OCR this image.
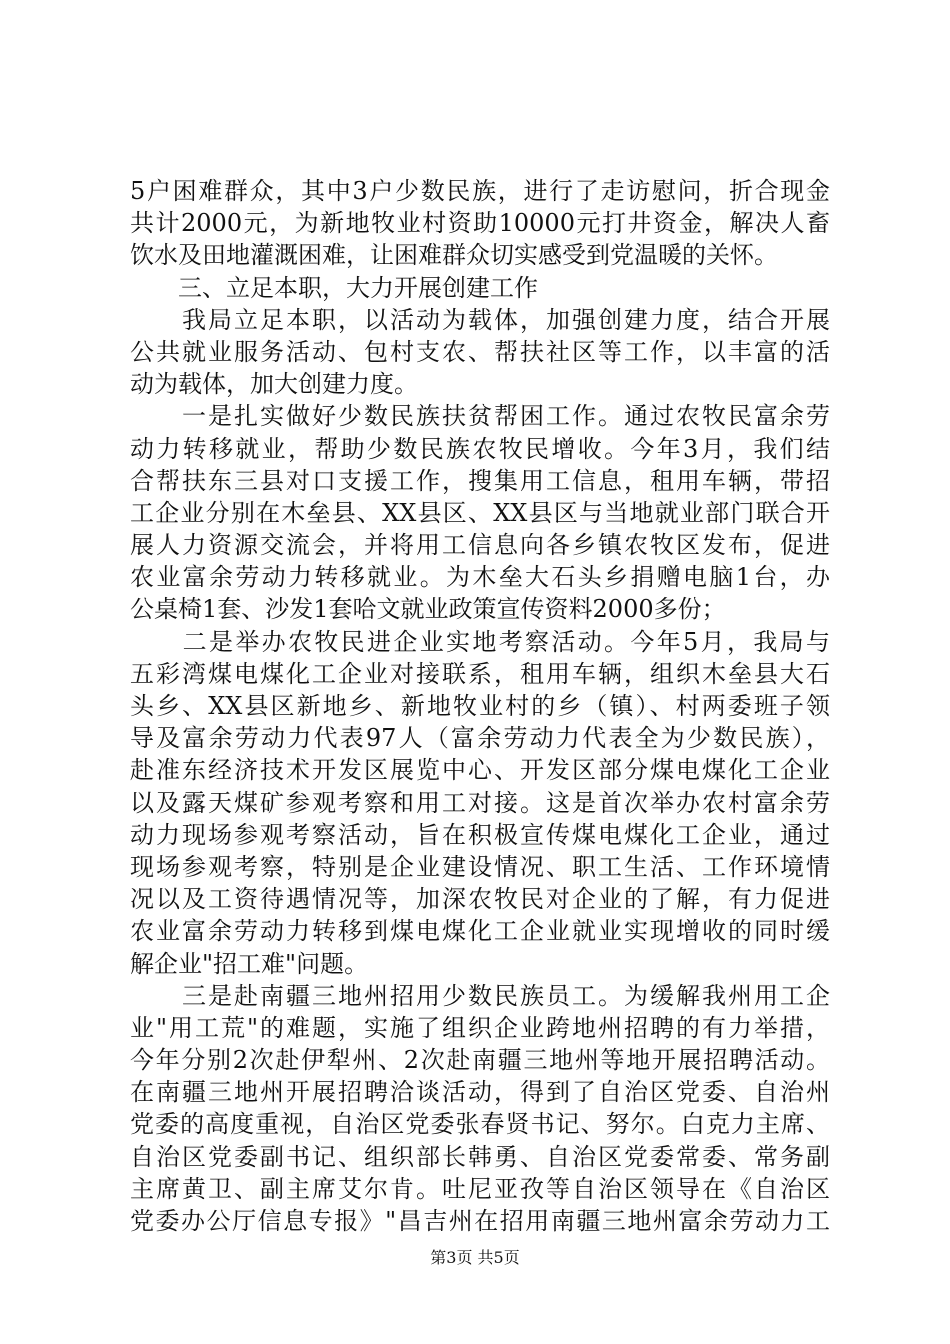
5户困难群众，其中3户少数民族，进行了走访慰问，折合现金
共计2000元，为新地牧业村资助10000元打井资金，解决人畜
饮水及田地灌溉困难，让困难群众切实感受到党温暖的关怀。
　　三、立足本职，大力开展创建工作
　　我局立足本职，以活动为载体，加强创建力度，结合开展
公共就业服务活动、包村支农、帮扶社区等工作，以丰富的活
动为载体，加大创建力度。
　　一是扎实做好少数民族扶贫帮困工作。通过农牧民富余劳
动力转移就业，帮助少数民族农牧民增收。今年3月，我们结
合帮扶东三县对口支援工作，搜集用工信息，租用车辆，带招
工企业分别在木垒县、XX县区、XX县区与当地就业部门联合开
展人力资源交流会，并将用工信息向各乡镇农牧区发布，促进
农业富余劳动力转移就业。为木垒大石头乡捐赠电脑1台，办
公桌椅1套、沙发1套哈文就业政策宣传资料2000多份；
　　二是举办农牧民进企业实地考察活动。今年5月，我局与
五彩湾煤电煤化工企业对接联系，租用车辆，组织木垒县大石
头乡、XX县区新地乡、新地牧业村的乡（镇）、村两委班子领
导及富余劳动力代表97人（富余劳动力代表全为少数民族），
赴准东经济技术开发区展览中心、开发区部分煤电煤化工企业
以及露天煤矿参观考察和用工对接。这是首次举办农村富余劳
动力现场参观考察活动，旨在积极宣传煤电煤化工企业，通过
现场参观考察，特别是企业建设情况、职工生活、工作环境情
况以及工资待遇情况等，加深农牧民对企业的了解，有力促进
农业富余劳动力转移到煤电煤化工企业就业实现增收的同时缓
解企业"招工难"问题。
　　三是赴南疆三地州招用少数民族员工。为缓解我州用工企
业"用工荒"的难题，实施了组织企业跨地州招聘的有力举措，
今年分别2次赴伊犁州、2次赴南疆三地州等地开展招聘活动。
在南疆三地州开展招聘洽谈活动，得到了自治区党委、自治州
党委的高度重视，自治区党委张春贤书记、努尔。白克力主席、
自治区党委副书记、组织部长韩勇、自治区党委常委、常务副
主席黄卫、副主席艾尔肯。吐尼亚孜等自治区领导在《自治区
党委办公厅信息专报》"昌吉州在招用南疆三地州富余劳动力工
第3页 共5页
